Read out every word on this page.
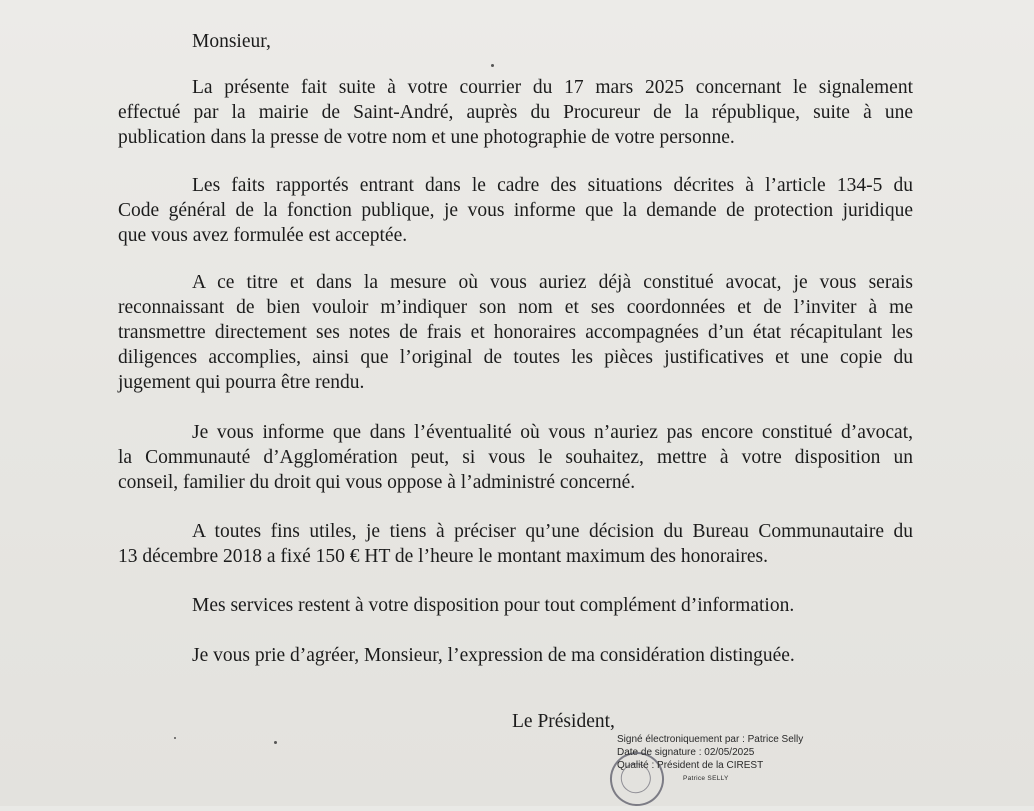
Monsieur,
La présente fait suite à votre courrier du 17 mars 2025 concernant le signalement
effectué par la mairie de Saint-André, auprès du Procureur de la république, suite à une
publication dans la presse de votre nom et une photographie de votre personne.
Les faits rapportés entrant dans le cadre des situations décrites à l’article 134-5 du
Code général de la fonction publique, je vous informe que la demande de protection juridique
que vous avez formulée est acceptée.
A ce titre et dans la mesure où vous auriez déjà constitué avocat, je vous serais
reconnaissant de bien vouloir m’indiquer son nom et ses coordonnées et de l’inviter à me
transmettre directement ses notes de frais et honoraires accompagnées d’un état récapitulant les
diligences accomplies, ainsi que l’original de toutes les pièces justificatives et une copie du
jugement qui pourra être rendu.
Je vous informe que dans l’éventualité où vous n’auriez pas encore constitué d’avocat,
la Communauté d’Agglomération peut, si vous le souhaitez, mettre à votre disposition un
conseil, familier du droit qui vous oppose à l’administré concerné.
A toutes fins utiles, je tiens à préciser qu’une décision du Bureau Communautaire du
13 décembre 2018 a fixé 150 € HT de l’heure le montant maximum des honoraires.
Mes services restent à votre disposition pour tout complément d’information.
Je vous prie d’agréer, Monsieur, l’expression de ma considération distinguée.
Le Président,
Signé électroniquement par : Patrice Selly
Date de signature : 02/05/2025
Qualité : Président de la CIREST
Patrice SELLY
